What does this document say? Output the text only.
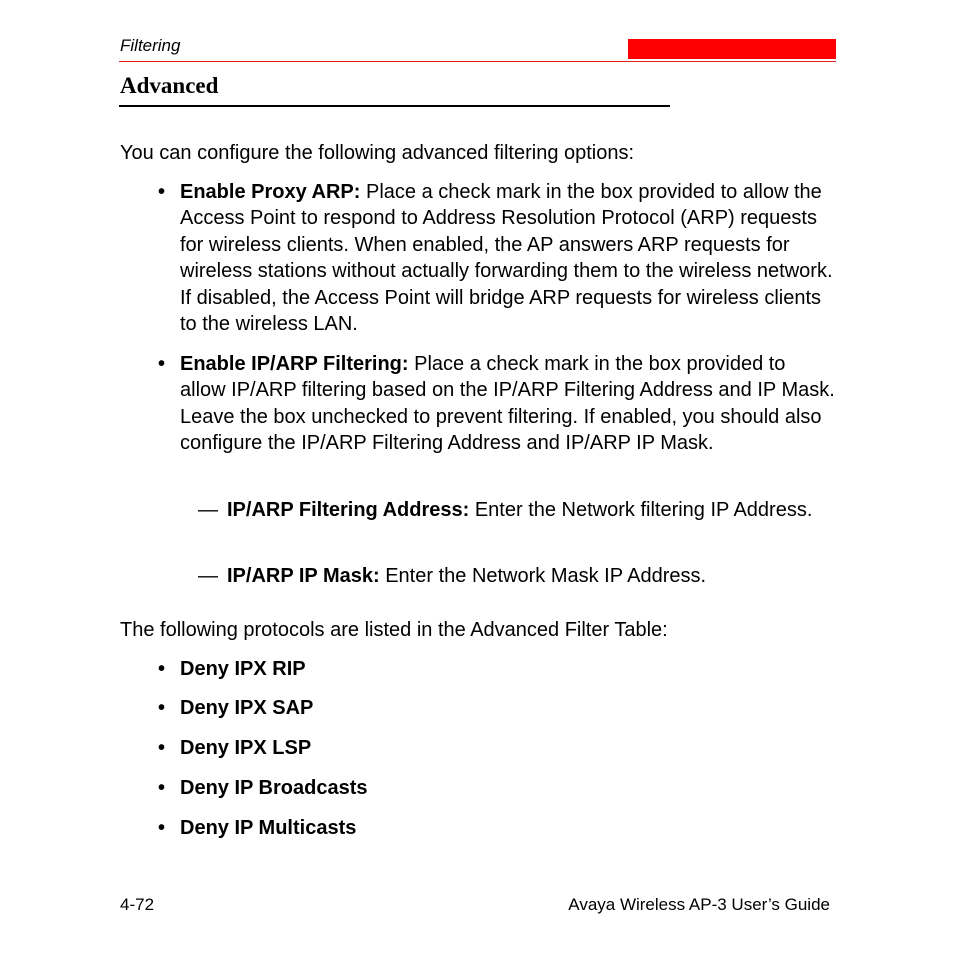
Filtering
Advanced
You can configure the following advanced filtering options:
• Enable Proxy ARP: Place a check mark in the box provided to allow the Access Point to respond to Address Resolution Protocol (ARP) requests for wireless clients. When enabled, the AP answers ARP requests for wireless stations without actually forwarding them to the wireless network. If disabled, the Access Point will bridge ARP requests for wireless clients to the wireless LAN.
• Enable IP/ARP Filtering: Place a check mark in the box provided to allow IP/ARP filtering based on the IP/ARP Filtering Address and IP Mask. Leave the box unchecked to prevent filtering. If enabled, you should also configure the IP/ARP Filtering Address and IP/ARP IP Mask.
— IP/ARP Filtering Address: Enter the Network filtering IP Address.
— IP/ARP IP Mask: Enter the Network Mask IP Address.
The following protocols are listed in the Advanced Filter Table:
• Deny IPX RIP
• Deny IPX SAP
• Deny IPX LSP
• Deny IP Broadcasts
• Deny IP Multicasts
4-72	Avaya Wireless AP-3 User’s Guide
